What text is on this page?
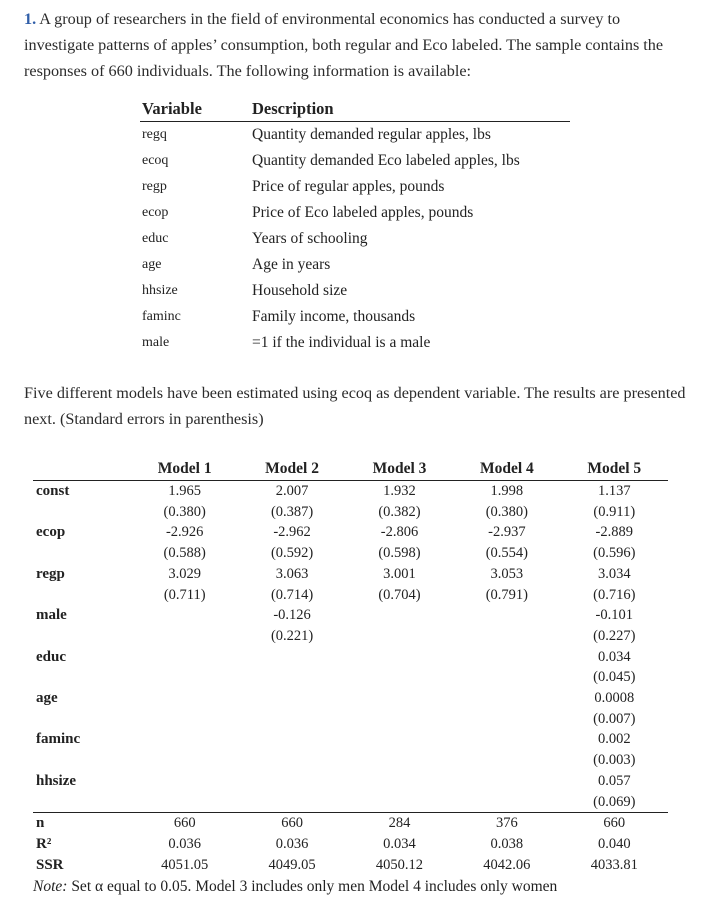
1. A group of researchers in the field of environmental economics has conducted a survey to investigate patterns of apples’ consumption, both regular and Eco labeled. The sample contains the responses of 660 individuals. The following information is available:
Variable	Description
regq	Quantity demanded regular apples, lbs
ecoq	Quantity demanded Eco labeled apples, lbs
regp	Price of regular apples, pounds
ecop	Price of Eco labeled apples, pounds
educ	Years of schooling
age	Age in years
hhsize	Household size
faminc	Family income, thousands
male	=1 if the individual is a male
Five different models have been estimated using ecoq as dependent variable. The results are presented next. (Standard errors in parenthesis)
	Model 1	Model 2	Model 3	Model 4	Model 5
const	1.965	2.007	1.932	1.998	1.137
	(0.380)	(0.387)	(0.382)	(0.380)	(0.911)
ecop	-2.926	-2.962	-2.806	-2.937	-2.889
	(0.588)	(0.592)	(0.598)	(0.554)	(0.596)
regp	3.029	3.063	3.001	3.053	3.034
	(0.711)	(0.714)	(0.704)	(0.791)	(0.716)
male		-0.126			-0.101
		(0.221)			(0.227)
educ					0.034
					(0.045)
age					0.0008
					(0.007)
faminc					0.002
					(0.003)
hhsize					0.057
					(0.069)
n	660	660	284	376	660
R²	0.036	0.036	0.034	0.038	0.040
SSR	4051.05	4049.05	4050.12	4042.06	4033.81
Note: Set α equal to 0.05. Model 3 includes only men Model 4 includes only women
